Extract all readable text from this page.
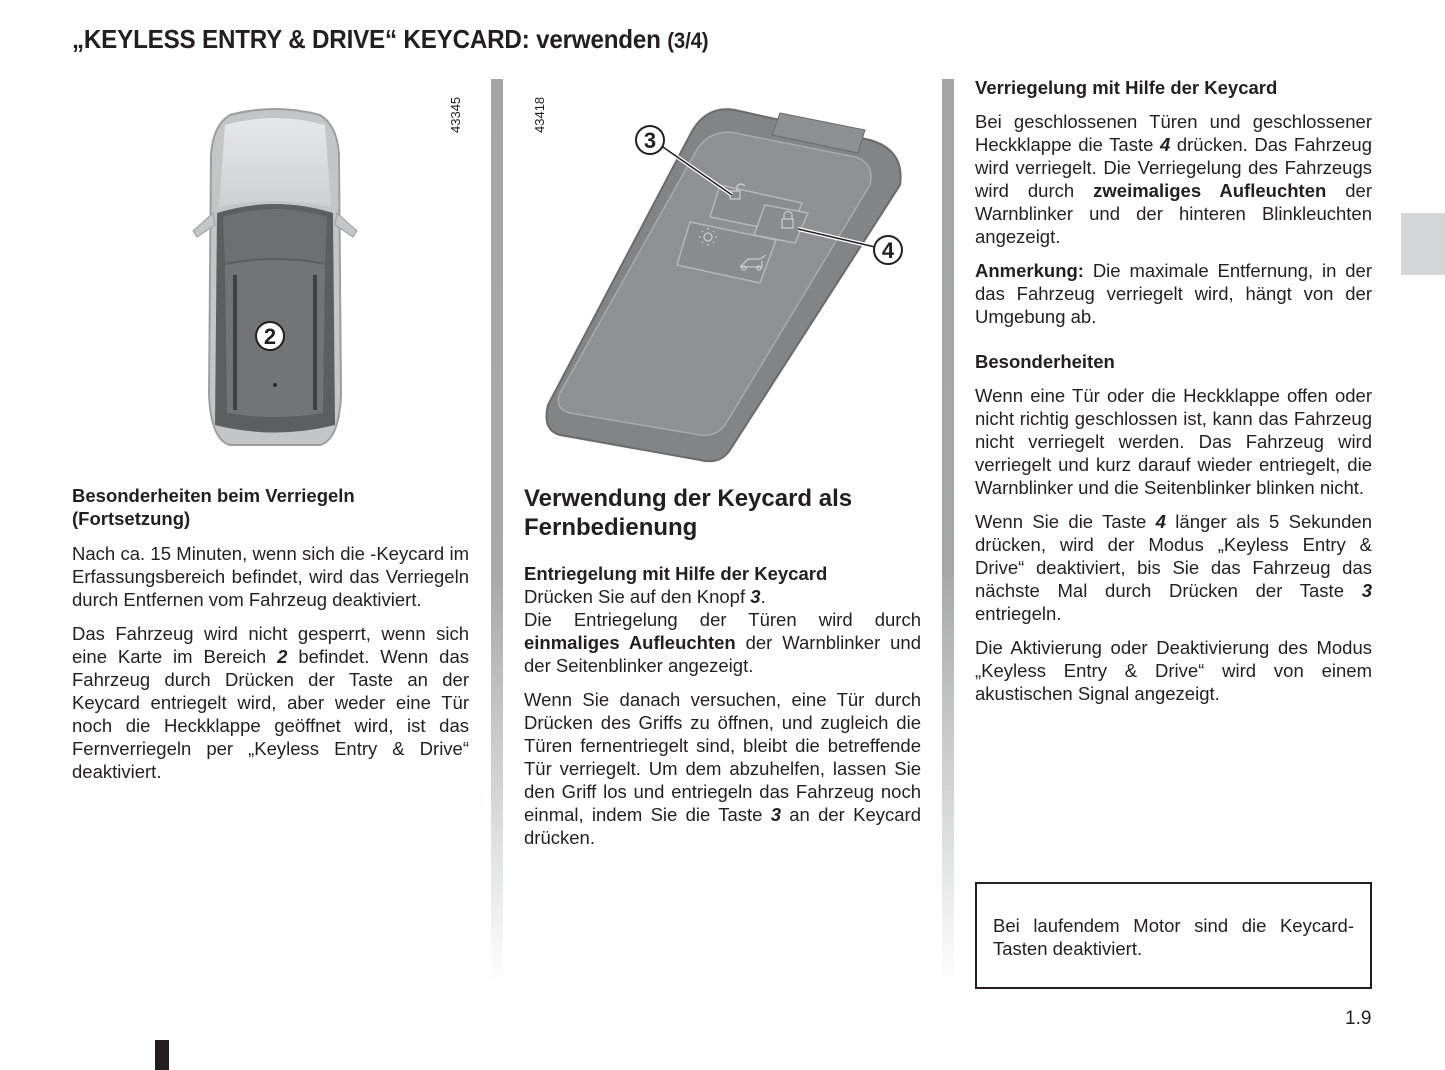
„KEYLESS ENTRY & DRIVE“ KEYCARD: verwenden (3/4)
2
43345	43418
3
4
Besonderheiten beim Verriegeln (Fortsetzung)

Nach ca. 15 Minuten, wenn sich die -Keycard im Erfassungsbereich befindet, wird das Verriegeln durch Entfernen vom Fahrzeug deaktiviert.

Das Fahrzeug wird nicht gesperrt, wenn sich eine Karte im Bereich 2 befindet. Wenn das Fahrzeug durch Drücken der Taste an der Keycard entriegelt wird, aber weder eine Tür noch die Heckklappe geöffnet wird, ist das Fernverriegeln per „Keyless Entry & Drive“ deaktiviert.

Verwendung der Keycard als Fernbedienung
Entriegelung mit Hilfe der Keycard
Drücken Sie auf den Knopf 3.

Die Entriegelung der Türen wird durch einmaliges Aufleuchten der Warnblinker und der Seitenblinker angezeigt.

Wenn Sie danach versuchen, eine Tür durch Drücken des Griffs zu öffnen, und zugleich die Türen fernentriegelt sind, bleibt die betreffende Tür verriegelt. Um dem abzuhelfen, lassen Sie den Griff los und entriegeln das Fahrzeug noch einmal, indem Sie die Taste 3 an der Keycard drücken.

Verriegelung mit Hilfe der Keycard

Bei geschlossenen Türen und geschlossener Heckklappe die Taste 4 drücken. Das Fahrzeug wird verriegelt. Die Verriegelung des Fahrzeugs wird durch zweimaliges Aufleuchten der Warnblinker und der hinteren Blinkleuchten angezeigt.

Anmerkung: Die maximale Entfernung, in der das Fahrzeug verriegelt wird, hängt von der Umgebung ab.

Besonderheiten

Wenn eine Tür oder die Heckklappe offen oder nicht richtig geschlossen ist, kann das Fahrzeug nicht verriegelt werden. Das Fahrzeug wird verriegelt und kurz darauf wieder entriegelt, die Warnblinker und die Seitenblinker blinken nicht.

Wenn Sie die Taste 4 länger als 5 Sekunden drücken, wird der Modus „Keyless Entry & Drive“ deaktiviert, bis Sie das Fahrzeug das nächste Mal durch Drücken der Taste 3 entriegeln.

Die Aktivierung oder Deaktivierung des Modus „Keyless Entry & Drive“ wird von einem akustischen Signal angezeigt.

Bei laufendem Motor sind die Keycard-Tasten deaktiviert.

1.9
